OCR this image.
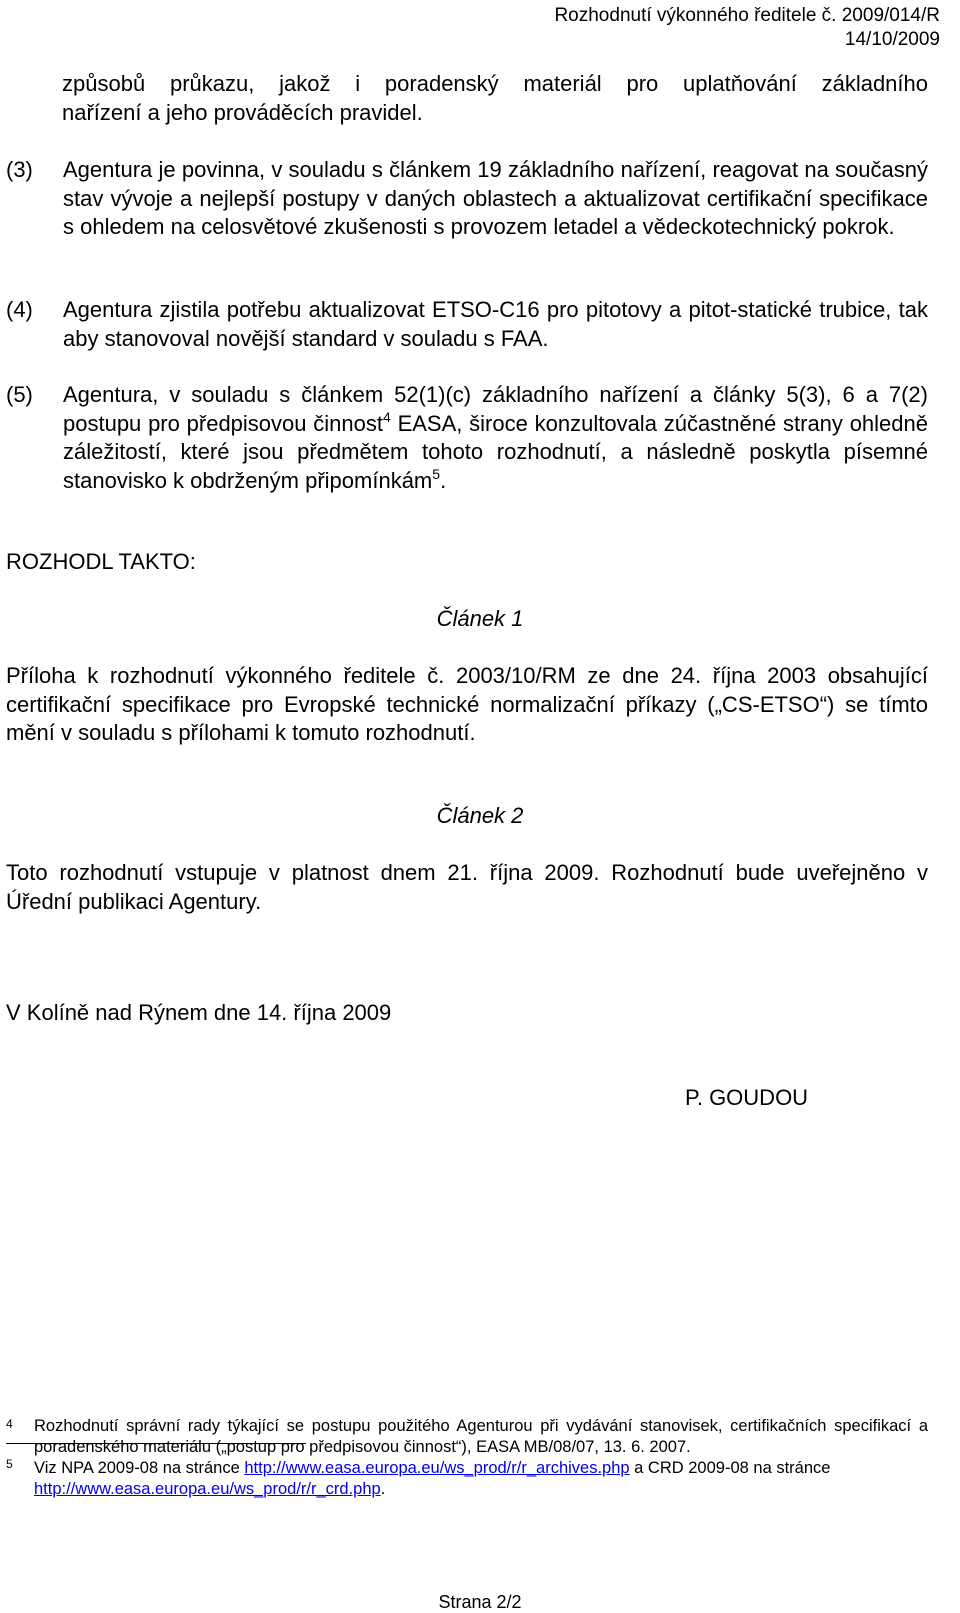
Rozhodnutí výkonného ředitele č. 2009/014/R
14/10/2009
způsobů průkazu, jakož i poradenský materiál pro uplatňování základního
nařízení a jeho prováděcích pravidel.
(3) Agentura je povinna, v souladu s článkem 19 základního nařízení, reagovat na současný stav vývoje a nejlepší postupy v daných oblastech a aktualizovat certifikační specifikace s ohledem na celosvětové zkušenosti s provozem letadel a vědeckotechnický pokrok.
(4) Agentura zjistila potřebu aktualizovat ETSO-C16 pro pitotovy a pitot-statické trubice, tak aby stanovoval novější standard v souladu s FAA.
(5) Agentura, v souladu s článkem 52(1)(c) základního nařízení a články 5(3), 6 a 7(2) postupu pro předpisovou činnost$^4$ EASA, široce konzultovala zúčastněné strany ohledně záležitostí, které jsou předmětem tohoto rozhodnutí, a následně poskytla písemné stanovisko k obdrženým připomínkám$^5$.
ROZHODL TAKTO:
Článek 1
Příloha k rozhodnutí výkonného ředitele č. 2003/10/RM ze dne 24. října 2003 obsahující certifikační specifikace pro Evropské technické normalizační příkazy („CS-ETSO“) se tímto mění v souladu s přílohami k tomuto rozhodnutí.
Článek 2
Toto rozhodnutí vstupuje v platnost dnem 21. října 2009. Rozhodnutí bude uveřejněno v Úřední publikaci Agentury.
V Kolíně nad Rýnem dne 14. října 2009
P. GOUDOU
4 Rozhodnutí správní rady týkající se postupu použitého Agenturou při vydávání stanovisek, certifikačních specifikací a poradenského materiálu („postup pro předpisovou činnost“), EASA MB/08/07, 13. 6. 2007.
5 Viz NPA 2009-08 na stránce http://www.easa.europa.eu/ws_prod/r/r_archives.php a CRD 2009-08 na stránce
http://www.easa.europa.eu/ws_prod/r/r_crd.php.
Strana 2/2
